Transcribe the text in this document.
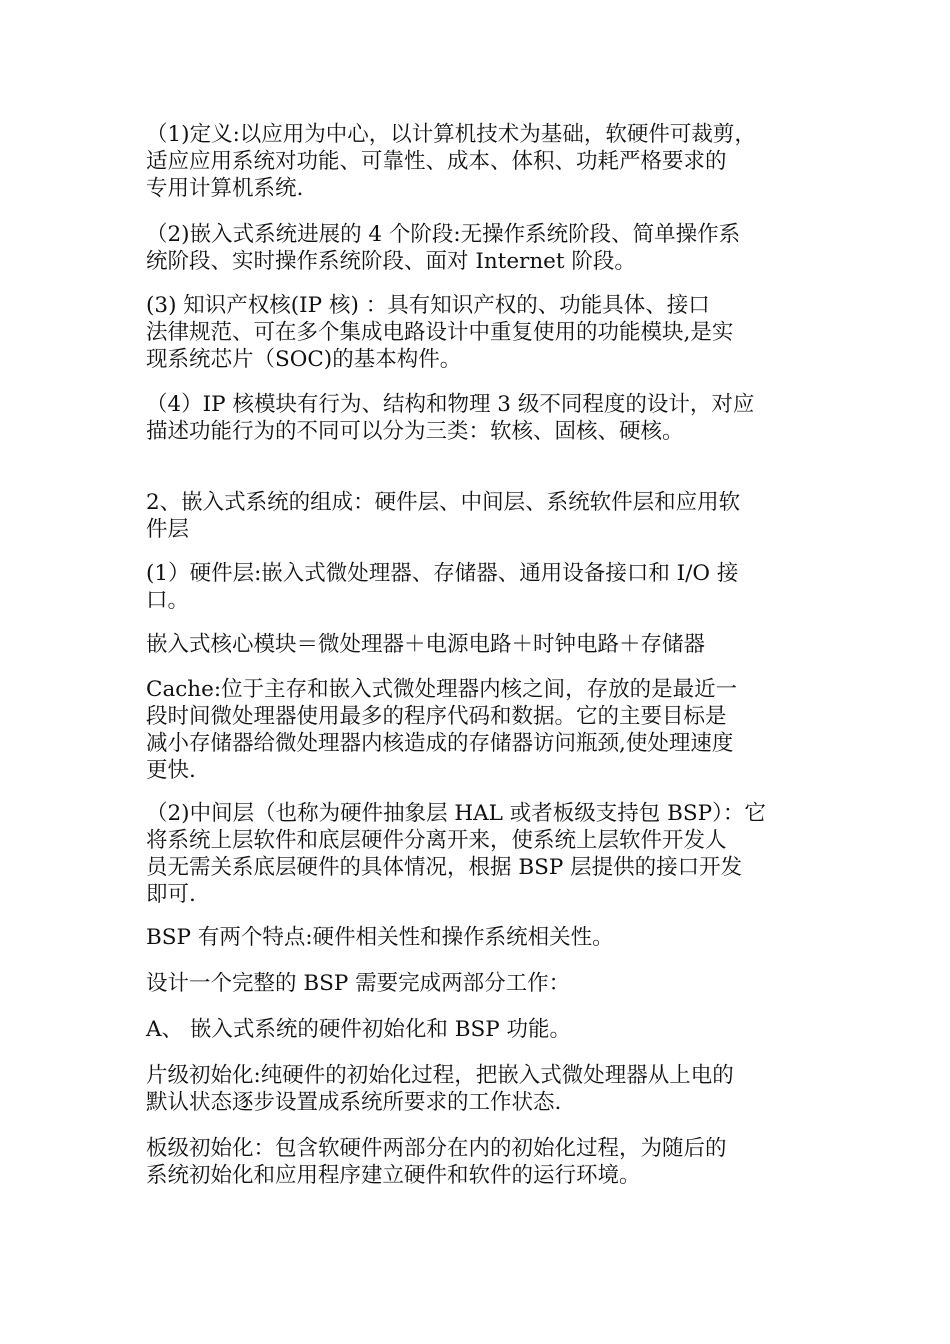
（1)定义:以应用为中心，以计算机技术为基础，软硬件可裁剪，
适应应用系统对功能、可靠性、成本、体积、功耗严格要求的
专用计算机系统.
（2)嵌入式系统进展的 4 个阶段:无操作系统阶段、简单操作系
统阶段、实时操作系统阶段、面对 Internet 阶段。
(3) 知识产权核(IP 核) ：具有知识产权的、功能具体、接口
法律规范、可在多个集成电路设计中重复使用的功能模块,是实
现系统芯片（SOC)的基本构件。
（4）IP 核模块有行为、结构和物理 3 级不同程度的设计，对应
描述功能行为的不同可以分为三类：软核、固核、硬核。
2、嵌入式系统的组成：硬件层、中间层、系统软件层和应用软
件层
(1）硬件层:嵌入式微处理器、存储器、通用设备接口和 I/O 接
口。
嵌入式核心模块＝微处理器＋电源电路＋时钟电路＋存储器
Cache:位于主存和嵌入式微处理器内核之间，存放的是最近一
段时间微处理器使用最多的程序代码和数据。它的主要目标是
减小存储器给微处理器内核造成的存储器访问瓶颈,使处理速度
更快.
（2)中间层（也称为硬件抽象层 HAL 或者板级支持包 BSP）：它
将系统上层软件和底层硬件分离开来，使系统上层软件开发人
员无需关系底层硬件的具体情况，根据 BSP 层提供的接口开发
即可.
BSP 有两个特点:硬件相关性和操作系统相关性。
设计一个完整的 BSP 需要完成两部分工作：
A、 嵌入式系统的硬件初始化和 BSP 功能。
片级初始化:纯硬件的初始化过程，把嵌入式微处理器从上电的
默认状态逐步设置成系统所要求的工作状态.
板级初始化：包含软硬件两部分在内的初始化过程，为随后的
系统初始化和应用程序建立硬件和软件的运行环境。
